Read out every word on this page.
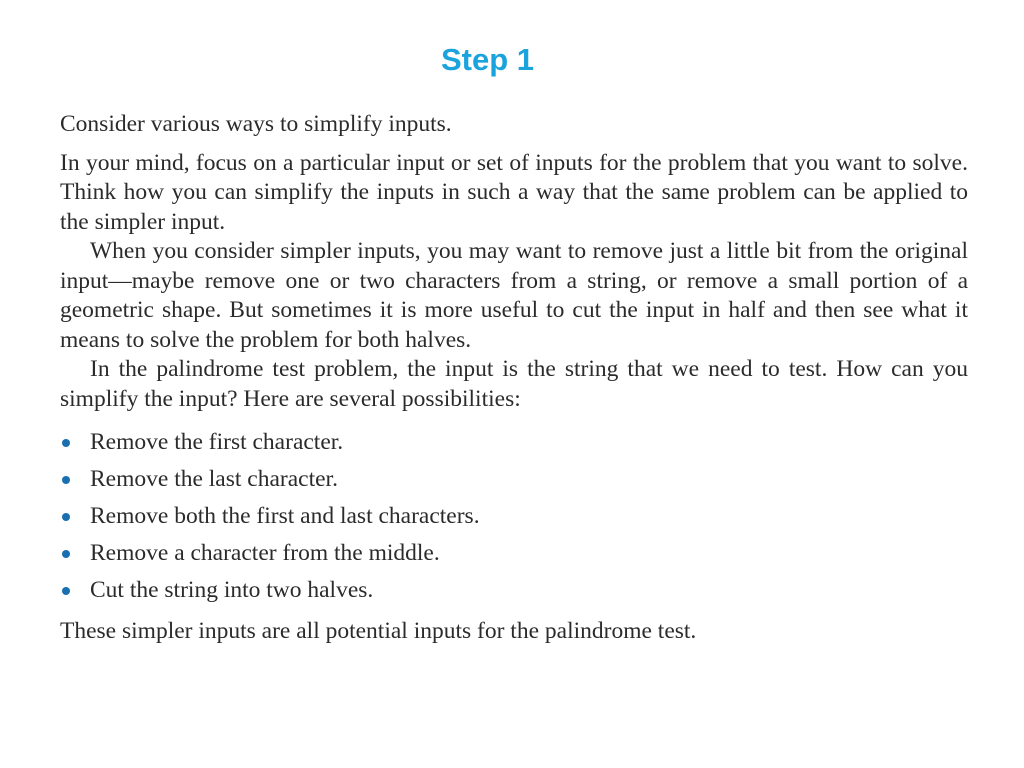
Step 1

Consider various ways to simplify inputs.

In your mind, focus on a particular input or set of inputs for the problem that you want to solve. Think how you can simplify the inputs in such a way that the same problem can be applied to the simpler input.

When you consider simpler inputs, you may want to remove just a little bit from the original input—maybe remove one or two characters from a string, or remove a small portion of a geometric shape. But sometimes it is more useful to cut the input in half and then see what it means to solve the problem for both halves.

In the palindrome test problem, the input is the string that we need to test. How can you simplify the input? Here are several possibilities:

Remove the first character.
Remove the last character.
Remove both the first and last characters.
Remove a character from the middle.
Cut the string into two halves.

These simpler inputs are all potential inputs for the palindrome test.
